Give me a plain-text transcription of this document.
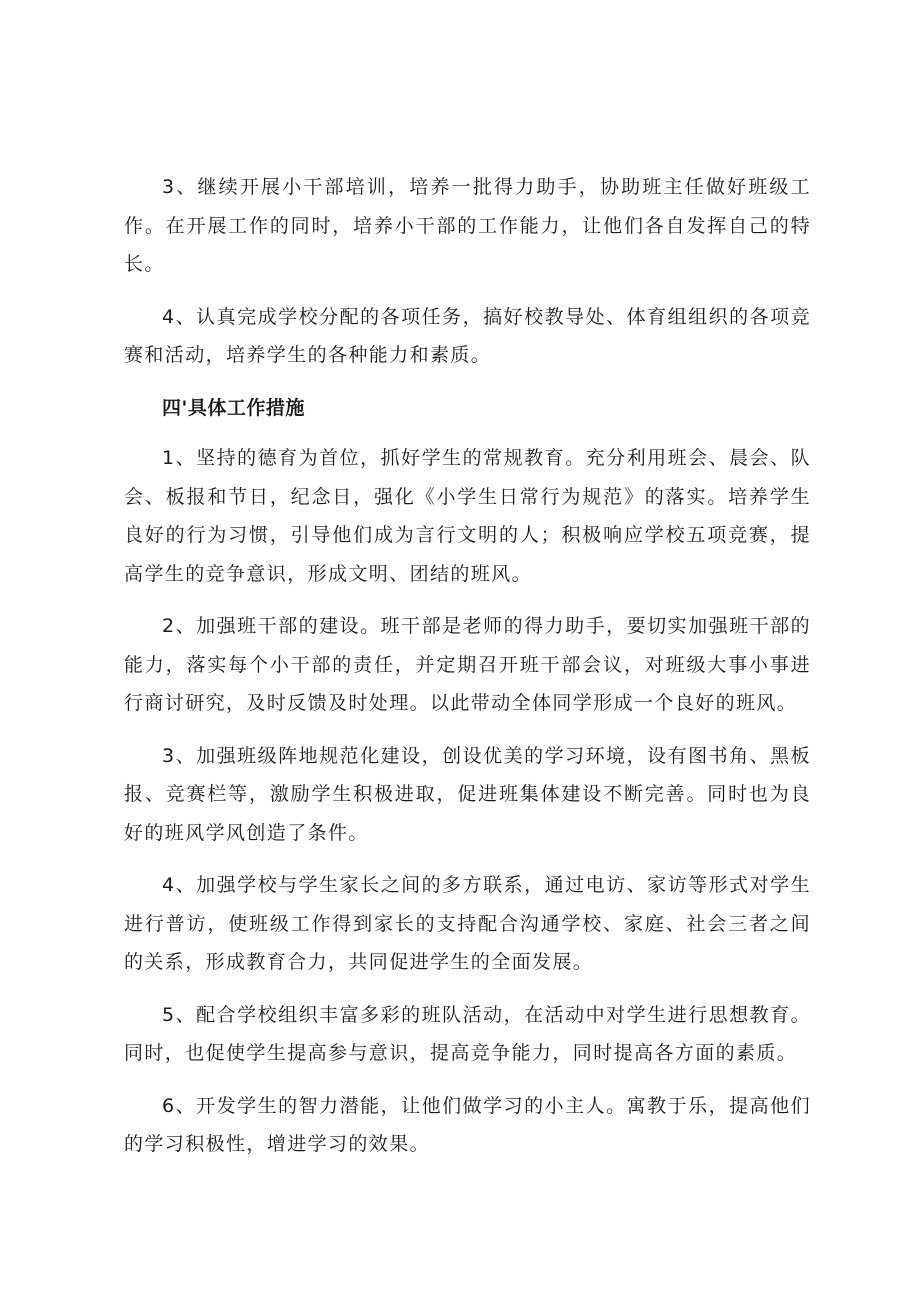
3、继续开展小干部培训，培养一批得力助手，协助班主任做好班级工作。在开展工作的同时，培养小干部的工作能力，让他们各自发挥自己的特长。

4、认真完成学校分配的各项任务，搞好校教导处、体育组组织的各项竞赛和活动，培养学生的各种能力和素质。

四'具体工作措施

1、坚持的德育为首位，抓好学生的常规教育。充分利用班会、晨会、队会、板报和节日，纪念日，强化《小学生日常行为规范》的落实。培养学生良好的行为习惯，引导他们成为言行文明的人；积极响应学校五项竞赛，提高学生的竞争意识，形成文明、团结的班风。

2、加强班干部的建设。班干部是老师的得力助手，要切实加强班干部的能力，落实每个小干部的责任，并定期召开班干部会议，对班级大事小事进行商讨研究，及时反馈及时处理。以此带动全体同学形成一个良好的班风。

3、加强班级阵地规范化建设，创设优美的学习环境，设有图书角、黑板报、竞赛栏等，激励学生积极进取，促进班集体建设不断完善。同时也为良好的班风学风创造了条件。

4、加强学校与学生家长之间的多方联系，通过电访、家访等形式对学生进行普访，使班级工作得到家长的支持配合沟通学校、家庭、社会三者之间的关系，形成教育合力，共同促进学生的全面发展。

5、配合学校组织丰富多彩的班队活动，在活动中对学生进行思想教育。同时，也促使学生提高参与意识，提高竞争能力，同时提高各方面的素质。

6、开发学生的智力潜能，让他们做学习的小主人。寓教于乐，提高他们的学习积极性，增进学习的效果。
